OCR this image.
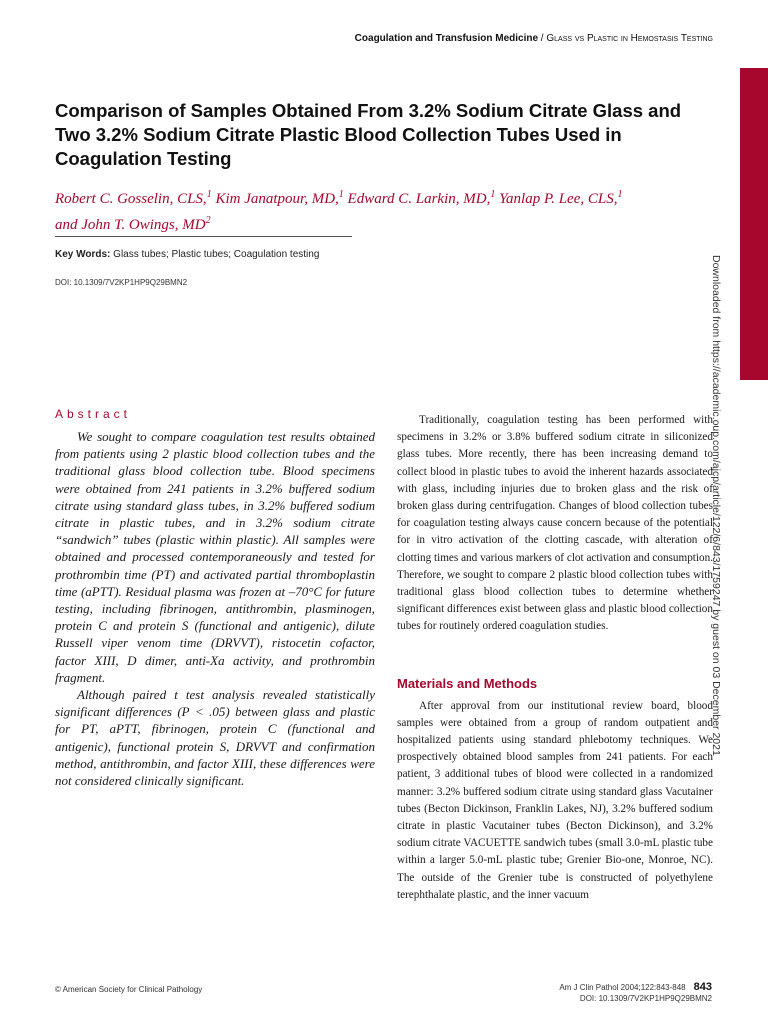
Coagulation and Transfusion Medicine / Glass vs Plastic in Hemostasis Testing
Comparison of Samples Obtained From 3.2% Sodium Citrate Glass and Two 3.2% Sodium Citrate Plastic Blood Collection Tubes Used in Coagulation Testing
Robert C. Gosselin, CLS,$^1$ Kim Janatpour, MD,$^1$ Edward C. Larkin, MD,$^1$ Yanlap P. Lee, CLS,$^1$
and John T. Owings, $MD^2$
Key Words: Glass tubes; Plastic tubes; Coagulation testing
DOI: 10.1309/7V2KP1HP9Q29BMN2	Downloaded from https://academic.oup.com/ajcp/article/122/6/843/1759247 by guest on 03 December 2021
Abstract

We sought to compare coagulation test results obtained from patients using 2 plastic blood collection tubes and the traditional glass blood collection tube. Blood specimens were obtained from 241 patients in 3.2% buffered sodium citrate using standard glass tubes, in 3.2% buffered sodium citrate in plastic tubes, and in 3.2% sodium citrate “sandwich” tubes (plastic within plastic). All samples were obtained and processed contemporaneously and tested for prothrombin time (PT) and activated partial thromboplastin time (aPTT). Residual plasma was frozen at –70°C for future testing, including fibrinogen, antithrombin, plasminogen, protein C and protein S (functional and antigenic), dilute Russell viper venom time (DRVVT), ristocetin cofactor, factor XIII, D dimer, anti-Xa activity, and prothrombin fragment.

Although paired t test analysis revealed statistically significant differences (P < .05) between glass and plastic for PT, aPTT, fibrinogen, protein C (functional and antigenic), functional protein S, DRVVT and confirmation method, antithrombin, and factor XIII, these differences were not considered clinically significant.

Traditionally, coagulation testing has been performed with specimens in 3.2% or 3.8% buffered sodium citrate in siliconized glass tubes. More recently, there has been increasing demand to collect blood in plastic tubes to avoid the inherent hazards associated with glass, including injuries due to broken glass and the risk of broken glass during centrifugation. Changes of blood collection tubes for coagulation testing always cause concern because of the potential for in vitro activation of the clotting cascade, with alteration of clotting times and various markers of clot activation and consumption. Therefore, we sought to compare 2 plastic blood collection tubes with traditional glass blood collection tubes to determine whether significant differences exist between glass and plastic blood collection tubes for routinely ordered coagulation studies.

Materials and Methods

After approval from our institutional review board, blood samples were obtained from a group of random outpatient and hospitalized patients using standard phlebotomy techniques. We prospectively obtained blood samples from 241 patients. For each patient, 3 additional tubes of blood were collected in a randomized manner: 3.2% buffered sodium citrate using standard glass Vacutainer tubes (Becton Dickinson, Franklin Lakes, NJ), 3.2% buffered sodium citrate in plastic Vacutainer tubes (Becton Dickinson), and 3.2% sodium citrate VACUETTE sandwich tubes (small 3.0-mL plastic tube within a larger 5.0-mL plastic tube; Grenier Bio-one, Monroe, NC). The outside of the Grenier tube is constructed of polyethylene terephthalate plastic, and the inner vacuum

© American Society for Clinical Pathology	Am J Clin Pathol 2004;122:843-848 843
DOI: 10.1309/7V2KP1HP9Q29BMN2
